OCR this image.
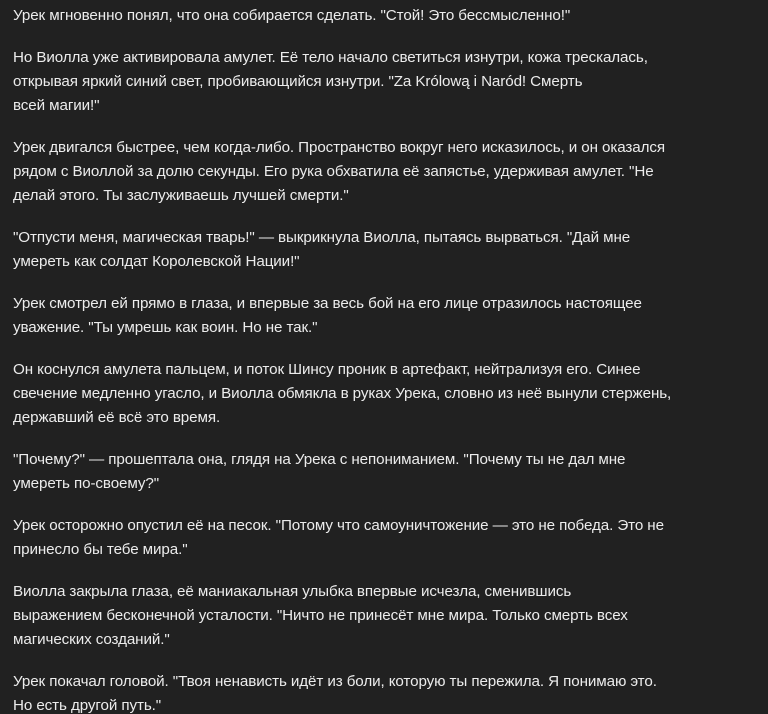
Урек мгновенно понял, что она собирается сделать. "Стой! Это бессмысленно!"

Но Виолла уже активировала амулет. Её тело начало светиться изнутри, кожа трескалась,
открывая яркий синий свет, пробивающийся изнутри. "Za Królową i Naród! Смерть
всей магии!"

Урек двигался быстрее, чем когда-либо. Пространство вокруг него исказилось, и он оказался
рядом с Виоллой за долю секунды. Его рука обхватила её запястье, удерживая амулет. "Не
делай этого. Ты заслуживаешь лучшей смерти."

"Отпусти меня, магическая тварь!" — выкрикнула Виолла, пытаясь вырваться. "Дай мне
умереть как солдат Королевской Нации!"

Урек смотрел ей прямо в глаза, и впервые за весь бой на его лице отразилось настоящее
уважение. "Ты умрешь как воин. Но не так."

Он коснулся амулета пальцем, и поток Шинсу проник в артефакт, нейтрализуя его. Синее
свечение медленно угасло, и Виолла обмякла в руках Урека, словно из неё вынули стержень,
державший её всё это время.

"Почему?" — прошептала она, глядя на Урека с непониманием. "Почему ты не дал мне
умереть по-своему?"

Урек осторожно опустил её на песок. "Потому что самоуничтожение — это не победа. Это не
принесло бы тебе мира."

Виолла закрыла глаза, её маниакальная улыбка впервые исчезла, сменившись
выражением бесконечной усталости. "Ничто не принесёт мне мира. Только смерть всех
магических созданий."

Урек покачал головой. "Твоя ненависть идёт из боли, которую ты пережила. Я понимаю это.
Но есть другой путь."
